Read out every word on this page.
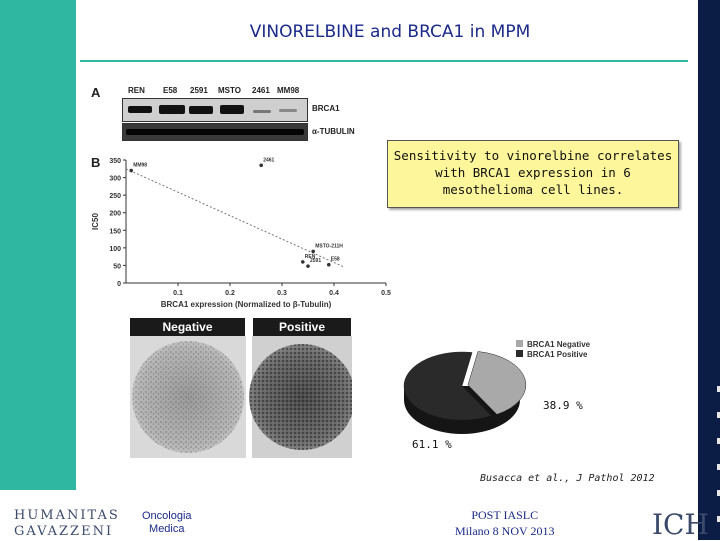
VINORELBINE and BRCA1 in MPM
A	REN E58 2591 MSTO 2461 MM98
BRCA1
α-TUBULIN
B
0
50
100
150
200
250
300
350
0.1	0.2	0.3	0.4	0.5
IC50
BRCA1 expression (Normalized to β-Tubulin)
MM98
2461
MSTO-211H
REN
2591 E58
Sensitivity to vinorelbine correlates
with BRCA1 expression in 6
mesothelioma cell lines.
Negative	Positive
BRCA1 Negative
BRCA1 Positive
38.9 %
61.1 %
Busacca et al., J Pathol 2012
HUMANITAS
GAVAZZENI
Oncologia
Medica
POST IASLC
Milano 8 NOV 2013	ICH
